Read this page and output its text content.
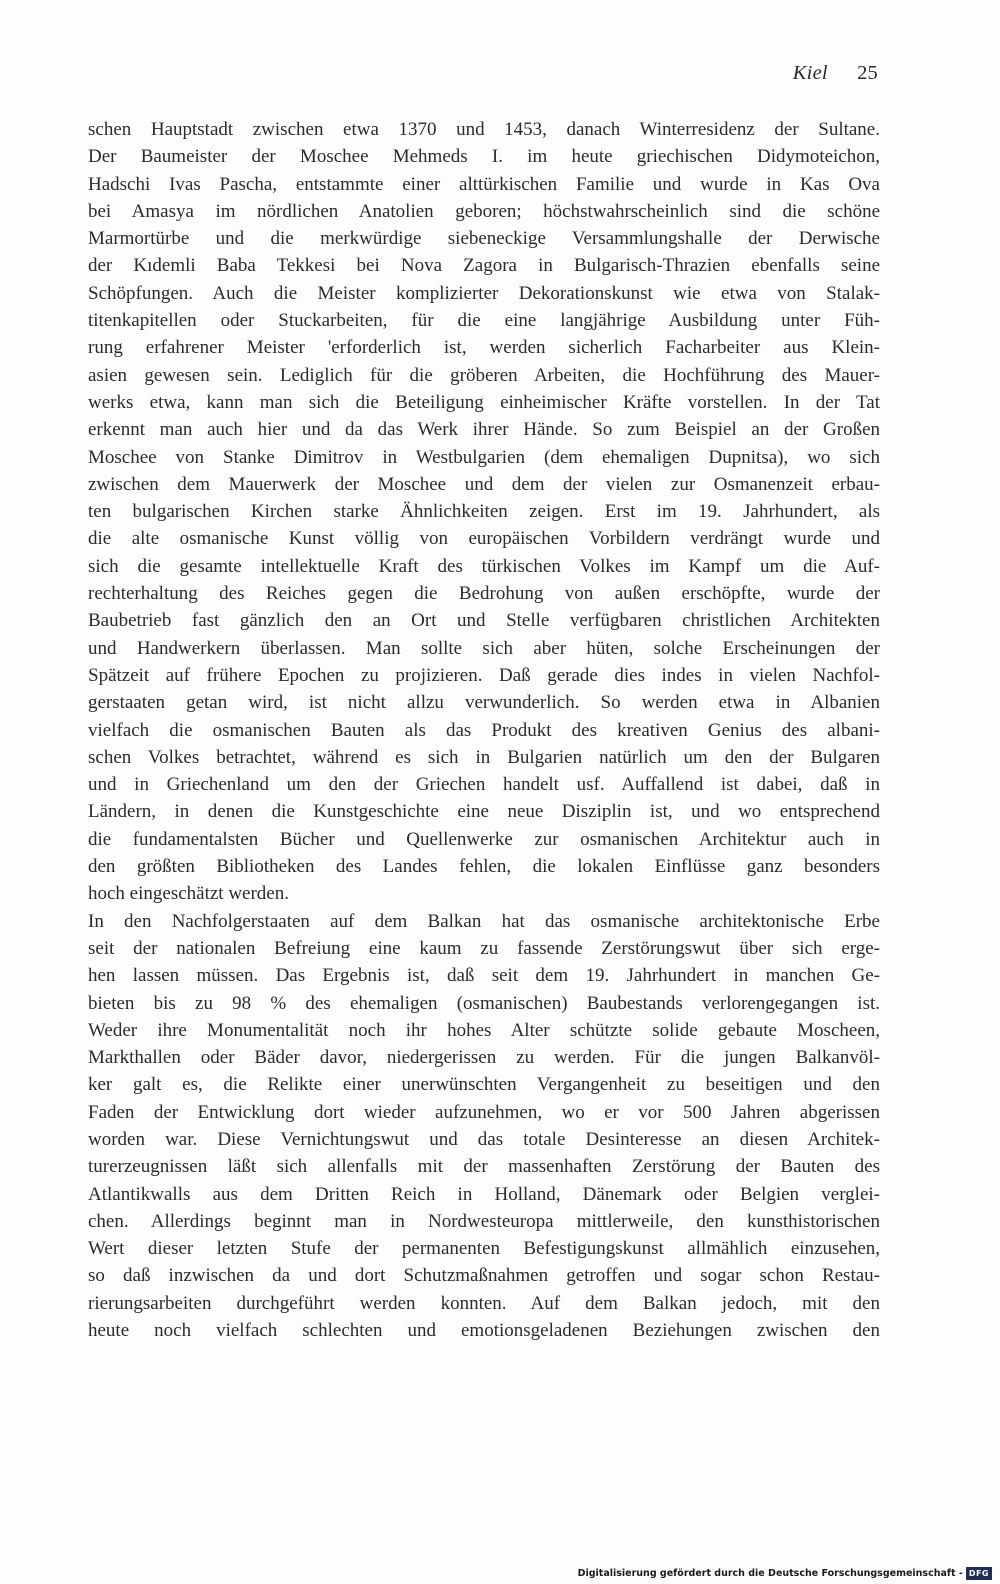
Kiel 25
schen Hauptstadt zwischen etwa 1370 und 1453, danach Winterresidenz der Sultane.
Der Baumeister der Moschee Mehmeds I. im heute griechischen Didymoteichon,
Hadschi Ivas Pascha, entstammte einer alttürkischen Familie und wurde in Kas Ova
bei Amasya im nördlichen Anatolien geboren; höchstwahrscheinlich sind die schöne
Marmortürbe und die merkwürdige siebeneckige Versammlungshalle der Derwische
der Kıdemli Baba Tekkesi bei Nova Zagora in Bulgarisch-Thrazien ebenfalls seine
Schöpfungen. Auch die Meister komplizierter Dekorationskunst wie etwa von Stalak-
titenkapitellen oder Stuckarbeiten, für die eine langjährige Ausbildung unter Füh-
rung erfahrener Meister 'erforderlich ist, werden sicherlich Facharbeiter aus Klein-
asien gewesen sein. Lediglich für die gröberen Arbeiten, die Hochführung des Mauer-
werks etwa, kann man sich die Beteiligung einheimischer Kräfte vorstellen. In der Tat
erkennt man auch hier und da das Werk ihrer Hände. So zum Beispiel an der Großen
Moschee von Stanke Dimitrov in Westbulgarien (dem ehemaligen Dupnitsa), wo sich
zwischen dem Mauerwerk der Moschee und dem der vielen zur Osmanenzeit erbau-
ten bulgarischen Kirchen starke Ähnlichkeiten zeigen. Erst im 19. Jahrhundert, als
die alte osmanische Kunst völlig von europäischen Vorbildern verdrängt wurde und
sich die gesamte intellektuelle Kraft des türkischen Volkes im Kampf um die Auf-
rechterhaltung des Reiches gegen die Bedrohung von außen erschöpfte, wurde der
Baubetrieb fast gänzlich den an Ort und Stelle verfügbaren christlichen Architekten
und Handwerkern überlassen. Man sollte sich aber hüten, solche Erscheinungen der
Spätzeit auf frühere Epochen zu projizieren. Daß gerade dies indes in vielen Nachfol-
gerstaaten getan wird, ist nicht allzu verwunderlich. So werden etwa in Albanien
vielfach die osmanischen Bauten als das Produkt des kreativen Genius des albani-
schen Volkes betrachtet, während es sich in Bulgarien natürlich um den der Bulgaren
und in Griechenland um den der Griechen handelt usf. Auffallend ist dabei, daß in
Ländern, in denen die Kunstgeschichte eine neue Disziplin ist, und wo entsprechend
die fundamentalsten Bücher und Quellenwerke zur osmanischen Architektur auch in
den größten Bibliotheken des Landes fehlen, die lokalen Einflüsse ganz besonders
hoch eingeschätzt werden.
In den Nachfolgerstaaten auf dem Balkan hat das osmanische architektonische Erbe
seit der nationalen Befreiung eine kaum zu fassende Zerstörungswut über sich erge-
hen lassen müssen. Das Ergebnis ist, daß seit dem 19. Jahrhundert in manchen Ge-
bieten bis zu 98 % des ehemaligen (osmanischen) Baubestands verlorengegangen ist.
Weder ihre Monumentalität noch ihr hohes Alter schützte solide gebaute Moscheen,
Markthallen oder Bäder davor, niedergerissen zu werden. Für die jungen Balkanvöl-
ker galt es, die Relikte einer unerwünschten Vergangenheit zu beseitigen und den
Faden der Entwicklung dort wieder aufzunehmen, wo er vor 500 Jahren abgerissen
worden war. Diese Vernichtungswut und das totale Desinteresse an diesen Architek-
turerzeugnissen läßt sich allenfalls mit der massenhaften Zerstörung der Bauten des
Atlantikwalls aus dem Dritten Reich in Holland, Dänemark oder Belgien verglei-
chen. Allerdings beginnt man in Nordwesteuropa mittlerweile, den kunsthistorischen
Wert dieser letzten Stufe der permanenten Befestigungskunst allmählich einzusehen,
so daß inzwischen da und dort Schutzmaßnahmen getroffen und sogar schon Restau-
rierungsarbeiten durchgeführt werden konnten. Auf dem Balkan jedoch, mit den
heute noch vielfach schlechten und emotionsgeladenen Beziehungen zwischen den
Digitalisierung gefördert durch die Deutsche Forschungsgemeinschaft - DFG
